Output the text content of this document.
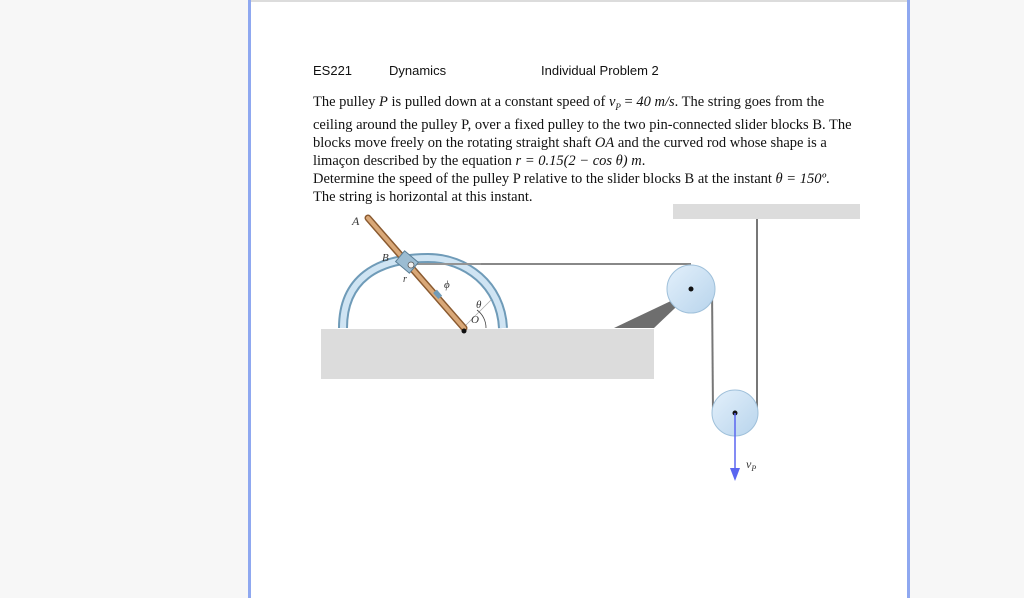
ES221	Dynamics	Individual Problem 2

The pulley P is pulled down at a constant speed of $v_P = 40$ m/s. The string goes from the ceiling around the pulley P, over a fixed pulley to the two pin-connected slider blocks B. The blocks move freely on the rotating straight shaft OA and the curved rod whose shape is a limaçon described by the equation r = 0.15(2 − cos θ) m.

Determine the speed of the pulley P relative to the slider blocks B at the instant θ = 150º.

The string is horizontal at this instant.

A
B
r	ϕ
θ
O
$v_P$
